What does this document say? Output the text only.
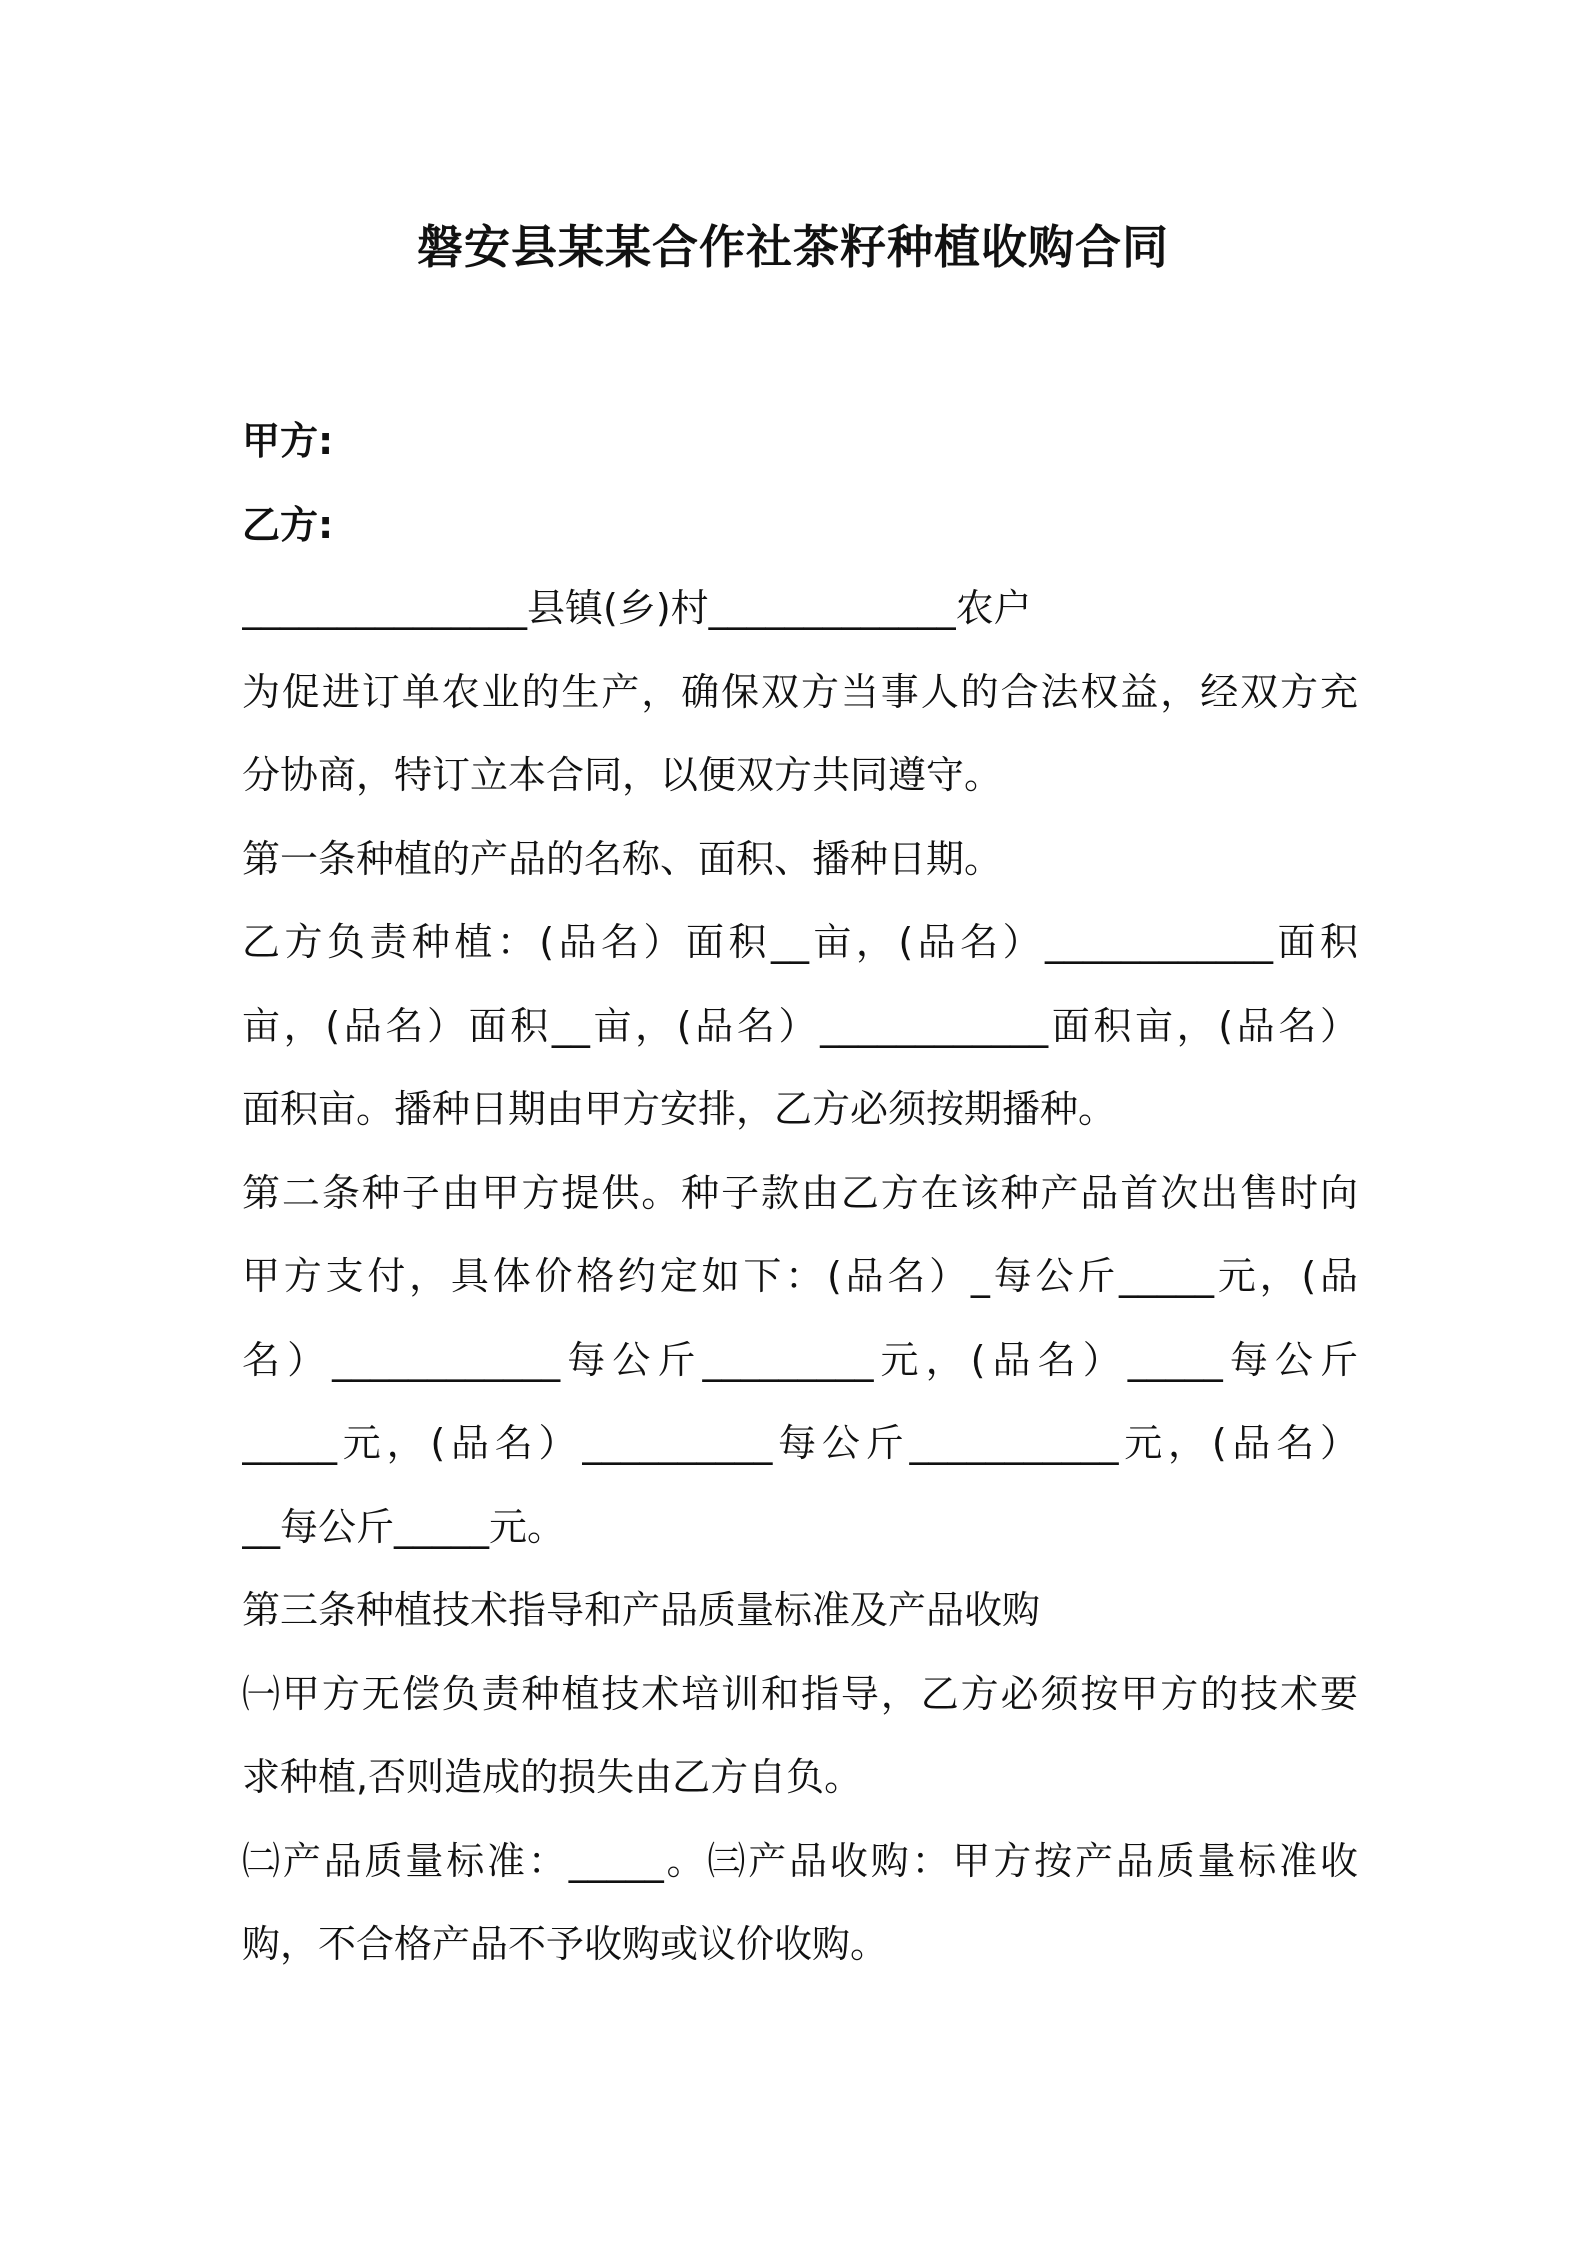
磐安县某某合作社茶籽种植收购合同
甲方:
乙方:
_______________县镇(乡)村_____________农户
为促进订单农业的生产，确保双方当事人的合法权益，经双方充
分协商，特订立本合同，以便双方共同遵守。
第一条种植的产品的名称、面积、播种日期。
乙方负责种植：(品名）面积__亩，(品名）____________面积
亩，(品名）面积__亩，(品名）____________面积亩，(品名）
面积亩。播种日期由甲方安排，乙方必须按期播种。
第二条种子由甲方提供。种子款由乙方在该种产品首次出售时向
甲方支付，具体价格约定如下：(品名）_每公斤_____元，(品
名）____________每公斤_________元，(品名）_____每公斤
_____元，(品名）__________每公斤___________元，(品名）
__每公斤_____元。
第三条种植技术指导和产品质量标准及产品收购
㈠甲方无偿负责种植技术培训和指导，乙方必须按甲方的技术要
求种植,否则造成的损失由乙方自负。
㈡产品质量标准：_____。㈢产品收购：甲方按产品质量标准收
购，不合格产品不予收购或议价收购。
